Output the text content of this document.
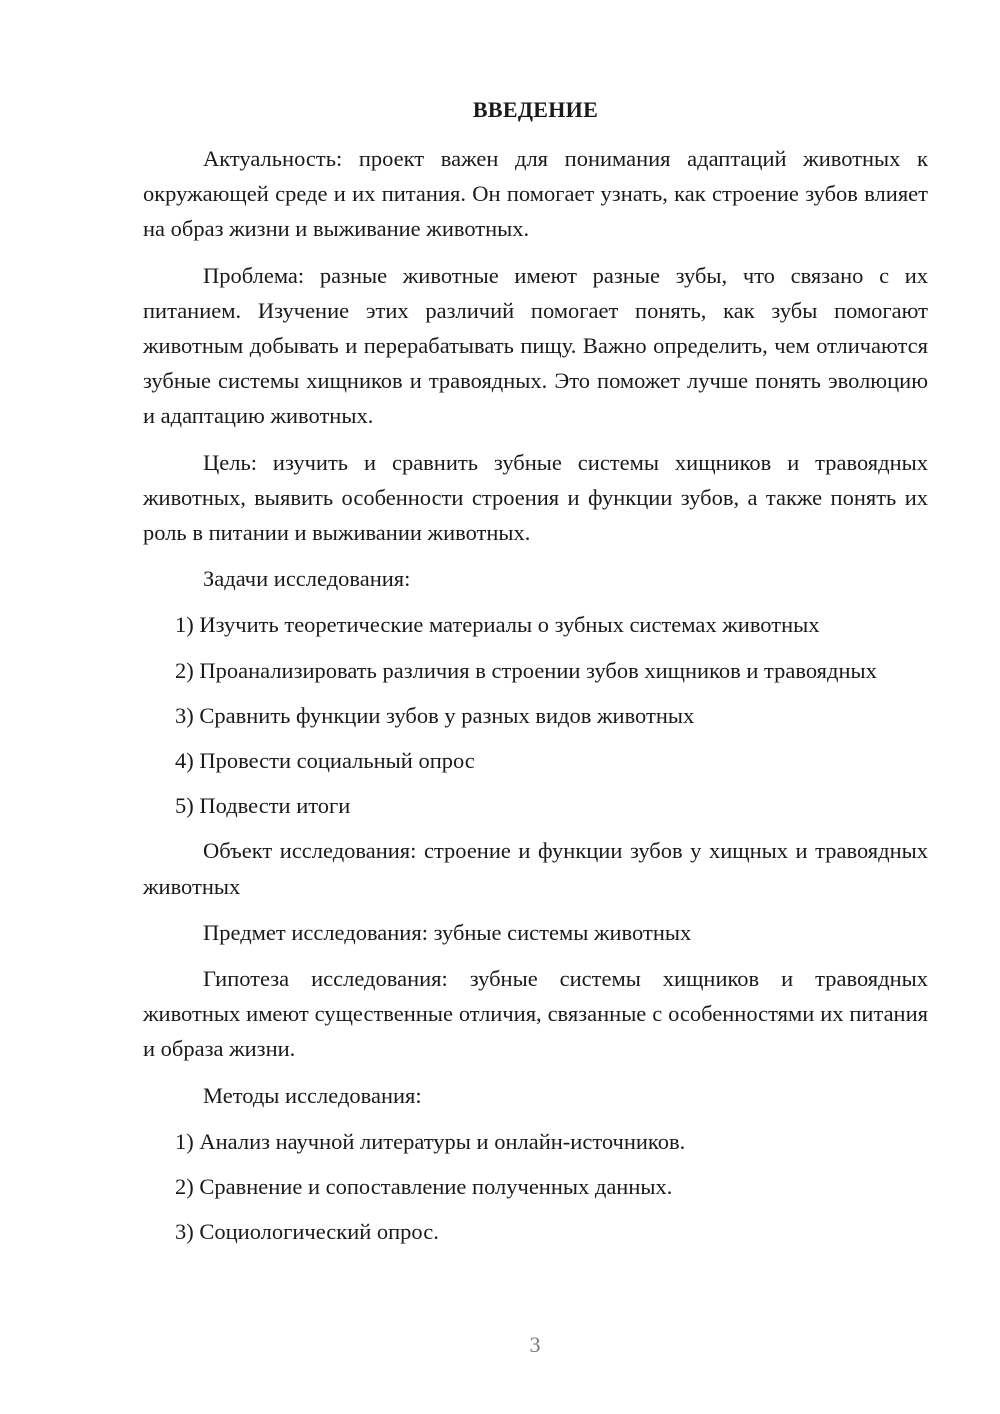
ВВЕДЕНИЕ

Актуальность: проект важен для понимания адаптаций животных к окружающей среде и их питания. Он помогает узнать, как строение зубов влияет на образ жизни и выживание животных.

Проблема: разные животные имеют разные зубы, что связано с их питанием. Изучение этих различий помогает понять, как зубы помогают животным добывать и перерабатывать пищу. Важно определить, чем отличаются зубные системы хищников и травоядных. Это поможет лучше понять эволюцию и адаптацию животных.

Цель: изучить и сравнить зубные системы хищников и травоядных животных, выявить особенности строения и функции зубов, а также понять их роль в питании и выживании животных.

Задачи исследования:

1) Изучить теоретические материалы о зубных системах животных

2) Проанализировать различия в строении зубов хищников и травоядных

3) Сравнить функции зубов у разных видов животных

4) Провести социальный опрос

5) Подвести итоги

Объект исследования: строение и функции зубов у хищных и травоядных животных

Предмет исследования: зубные системы животных

Гипотеза исследования: зубные системы хищников и травоядных животных имеют существенные отличия, связанные с особенностями их питания и образа жизни.

Методы исследования:

1) Анализ научной литературы и онлайн-источников.

2) Сравнение и сопоставление полученных данных.

3) Социологический опрос.

3
